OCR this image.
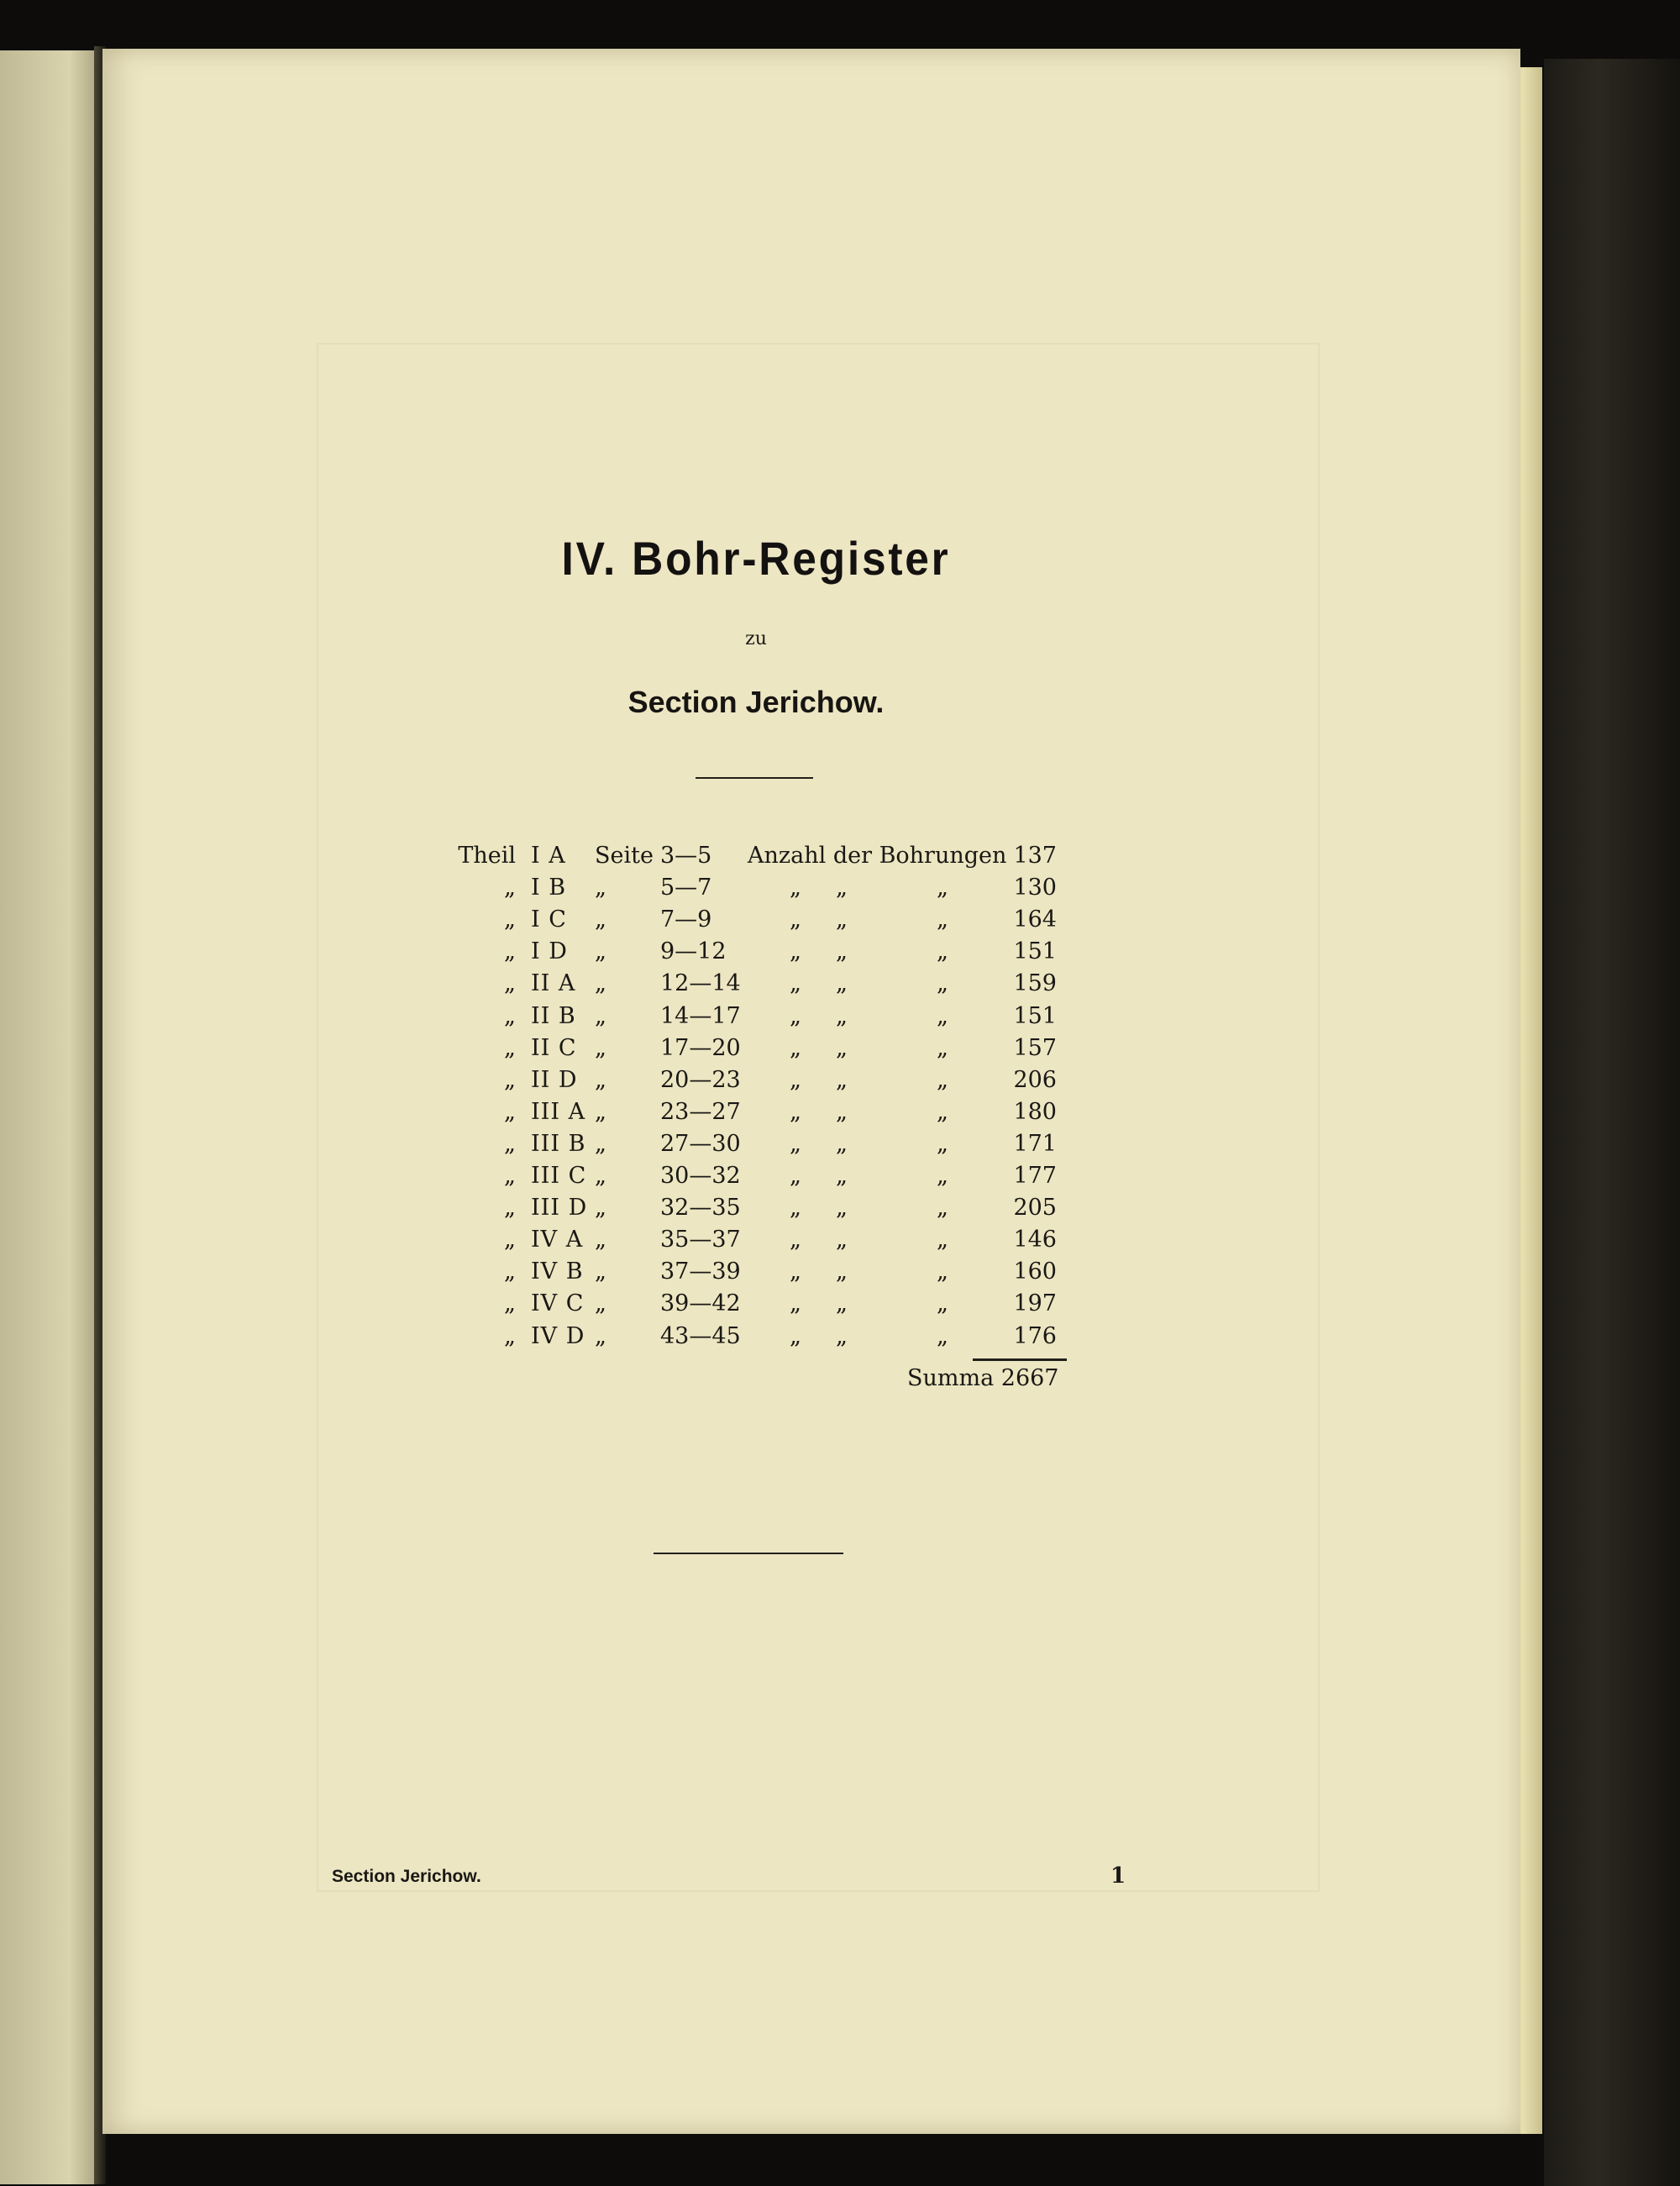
IV. Bohr-Register
zu
Section Jerichow.
Theil I A Seite 3—5 Anzahl der Bohrungen 137
„ I B „ 5—7	„ „	„	130
„ I C „ 7—9	„ „	„	164
„ I D „ 9—12	„ „	„	151
„ II A „ 12—14 „ „	„	159
„ II B „ 14—17 „ „	„	151
„ II C „ 17—20 „ „	„	157
„ II D „ 20—23 „ „	„	206
„ III A „ 23—27 „ „	„	180
„ III B „ 27—30 „ „	„	171
„ III C „ 30—32 „ „	„	177
„ III D „ 32—35 „ „	„	205
„ IV A „ 35—37 „ „	„	146
„ IV B „ 37—39 „ „	„	160
„ IV C „ 39—42 „ „	„	197
„ IV D „ 43—45 „ „	„	176
Summa 2667
Section Jerichow.	1
